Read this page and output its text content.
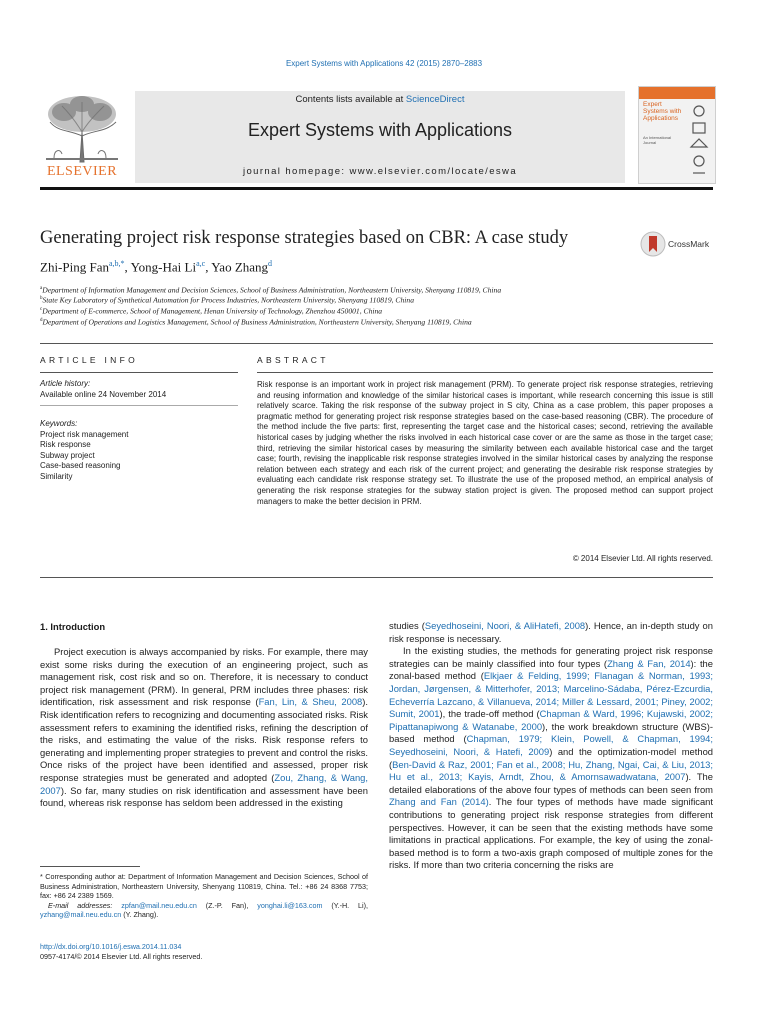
Expert Systems with Applications 42 (2015) 2870–2883
ELSEVIER
Contents lists available at ScienceDirect
Expert Systems with Applications
journal homepage: www.elsevier.com/locate/eswa
Expert Systems with Applications
An International Journal
Generating project risk response strategies based on CBR: A case study	CrossMark
Zhi-Ping Fan$^{a,b,*}$, Yong-Hai Li$^{a,c}$, Yao Zhang$^d$
$^a$Department of Information Management and Decision Sciences, School of Business Administration, Northeastern University, Shenyang 110819, China
$^b$State Key Laboratory of Synthetical Automation for Process Industries, Northeastern University, Shenyang 110819, China
$^c$Department of E-commerce, School of Management, Henan University of Technology, Zhenzhou 450001, China
$^d$Department of Operations and Logistics Management, School of Business Administration, Northeastern University, Shenyang 110819, China
ARTICLE INFO
Article history:
Available online 24 November 2014
Keywords:
Project risk management
Risk response
Subway project
Case-based reasoning
Similarity
ABSTRACT
Risk response is an important work in project risk management (PRM). To generate project risk response strategies, retrieving and reusing information and knowledge of the similar historical cases is important, while research concerning this issue is still relatively scarce. Taking the risk response of the subway project in S city, China as a case problem, this paper proposes a pragmatic method for generating project risk response strategies based on the case-based reasoning (CBR). The procedure of the method include the five parts: first, representing the target case and the historical cases; second, retrieving the available historical cases by judging whether the risks involved in each historical case cover or are the same as those in the target case; third, retrieving the similar historical cases by measuring the similarity between each available historical case and the target case; fourth, revising the inapplicable risk response strategies involved in the similar historical cases by analyzing the response relation between each strategy and each risk of the current project; and generating the desirable risk response strategies by evaluating each candidate risk response strategy set. To illustrate the use of the proposed method, an empirical analysis of generating the risk response strategies for the subway station project is given. The proposed method can support project managers to make the better decision in PRM.
© 2014 Elsevier Ltd. All rights reserved.
1. Introduction

Project execution is always accompanied by risks. For example, there may exist some risks during the execution of an engineering project, such as management risk, cost risk and so on. Therefore, it is necessary to conduct project risk management (PRM). In general, PRM includes three phases: risk identification, risk assessment and risk response (Fan, Lin, & Sheu, 2008). Risk identification refers to recognizing and documenting associated risks. Risk assessment refers to examining the identified risks, refining the description of the risks, and estimating the value of the risks. Risk response refers to generating and implementing proper strategies to prevent and control the risks. Once risks of the project have been identified and assessed, proper risk response strategies must be generated and adopted (Zou, Zhang, & Wang, 2007). So far, many studies on risk identification and assessment have been found, whereas risk response has seldom been addressed in the existing

studies (Seyedhoseini, Noori, & AliHatefi, 2008). Hence, an in-depth study on risk response is necessary.

In the existing studies, the methods for generating project risk response strategies can be mainly classified into four types (Zhang & Fan, 2014): the zonal-based method (Elkjaer & Felding, 1999; Flanagan & Norman, 1993; Jordan, Jørgensen, & Mitterhofer, 2013; Marcelino-Sádaba, Pérez-Ezcurdia, Echeverría Lazcano, & Villanueva, 2014; Miller & Lessard, 2001; Piney, 2002; Sumit, 2001), the trade-off method (Chapman & Ward, 1996; Kujawski, 2002; Pipattanapiwong & Watanabe, 2000), the work breakdown structure (WBS)-based method (Chapman, 1979; Klein, Powell, & Chapman, 1994; Seyedhoseini, Noori, & Hatefi, 2009) and the optimization-model method (Ben-David & Raz, 2001; Fan et al., 2008; Hu, Zhang, Ngai, Cai, & Liu, 2013; Hu et al., 2013; Kayis, Arndt, Zhou, & Amornsawadwatana, 2007). The detailed elaborations of the above four types of methods can been seen from Zhang and Fan (2014). The four types of methods have made significant contributions to generating project risk response strategies from different perspectives. However, it can be seen that the existing methods have some limitations in practical applications. For example, the key of using the zonal-based method is to form a two-axis graph composed of multiple zones for the risks. If more than two criteria concerning the risks are

* Corresponding author at: Department of Information Management and Decision Sciences, School of Business Administration, Northeastern University, Shenyang 110819, China. Tel.: +86 24 8368 7753; fax: +86 24 2389 1569.
E-mail addresses: zpfan@mail.neu.edu.cn (Z.-P. Fan), yonghai.li@163.com (Y.-H. Li), yzhang@mail.neu.edu.cn (Y. Zhang).
http://dx.doi.org/10.1016/j.eswa.2014.11.034
0957-4174/© 2014 Elsevier Ltd. All rights reserved.
